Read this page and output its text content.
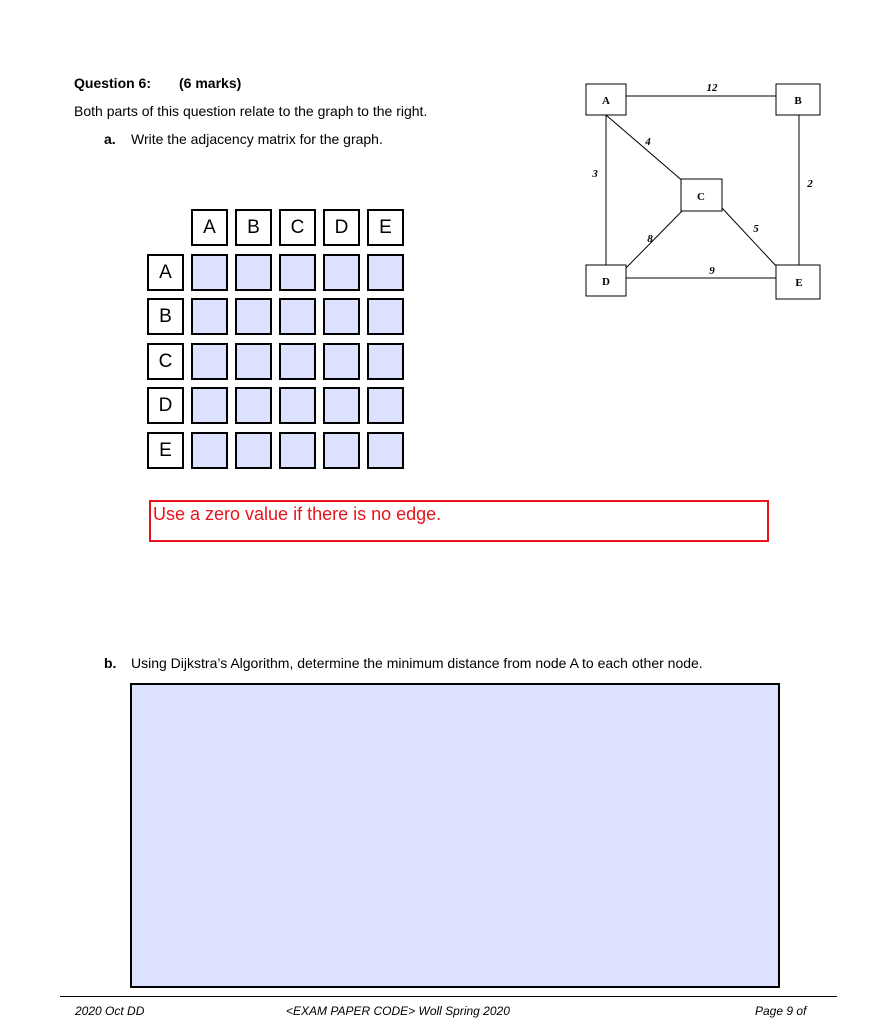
Question 6: (6 marks)
Both parts of this question relate to the graph to the right.
a. Write the adjacency matrix for the graph.
A	B	C	D	E
A
B
C
D
E
A	B
C
D	E
12
4
3
2
8
5
9
Use a zero value if there is no edge.
b. Using Dijkstra’s Algorithm, determine the minimum distance from node A to each other node.
2020 Oct DD	<EXAM PAPER CODE> Woll Spring 2020	Page 9 of
